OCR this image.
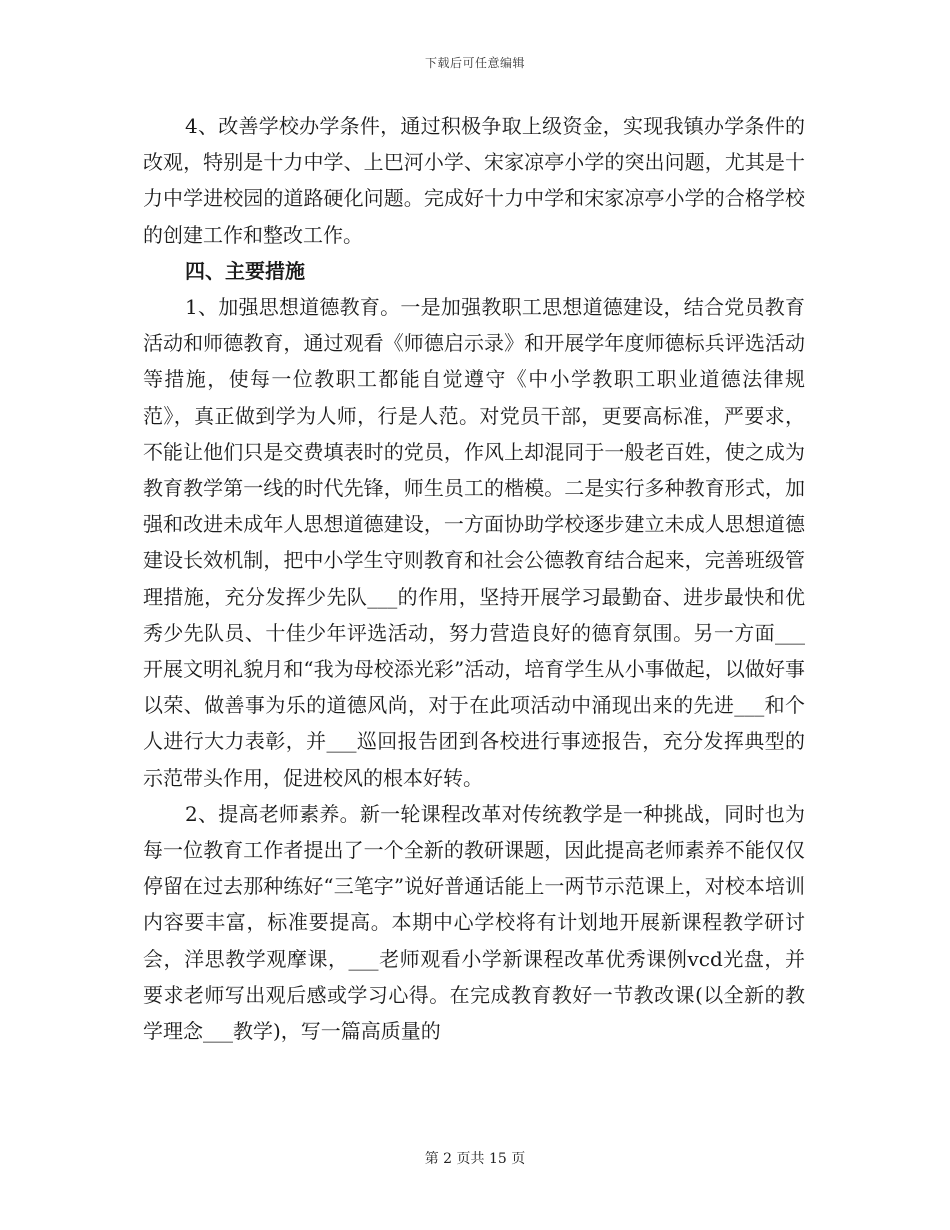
下载后可任意编辑

4、改善学校办学条件，通过积极争取上级资金，实现我镇办学条件的改观，特别是十力中学、上巴河小学、宋家凉亭小学的突出问题，尤其是十力中学进校园的道路硬化问题。完成好十力中学和宋家凉亭小学的合格学校的创建工作和整改工作。

四、主要措施

1、加强思想道德教育。一是加强教职工思想道德建设，结合党员教育活动和师德教育，通过观看《师德启示录》和开展学年度师德标兵评选活动等措施，使每一位教职工都能自觉遵守《中小学教职工职业道德法律规范》，真正做到学为人师，行是人范。对党员干部，更要高标准，严要求，不能让他们只是交费填表时的党员，作风上却混同于一般老百姓，使之成为教育教学第一线的时代先锋，师生员工的楷模。二是实行多种教育形式，加强和改进未成年人思想道德建设，一方面协助学校逐步建立未成人思想道德建设长效机制，把中小学生守则教育和社会公德教育结合起来，完善班级管理措施，充分发挥少先队___的作用，坚持开展学习最勤奋、进步最快和优秀少先队员、十佳少年评选活动，努力营造良好的德育氛围。另一方面___开展文明礼貌月和“我为母校添光彩”活动，培育学生从小事做起，以做好事以荣、做善事为乐的道德风尚，对于在此项活动中涌现出来的先进___和个人进行大力表彰，并___巡回报告团到各校进行事迹报告，充分发挥典型的示范带头作用，促进校风的根本好转。

2、提高老师素养。新一轮课程改革对传统教学是一种挑战，同时也为每一位教育工作者提出了一个全新的教研课题，因此提高老师素养不能仅仅停留在过去那种练好“三笔字”说好普通话能上一两节示范课上，对校本培训内容要丰富，标准要提高。本期中心学校将有计划地开展新课程教学研讨会，洋思教学观摩课，___老师观看小学新课程改革优秀课例vcd光盘，并要求老师写出观后感或学习心得。在完成教育教好一节教改课(以全新的教学理念___教学)，写一篇高质量的

第 2 页共 15 页
